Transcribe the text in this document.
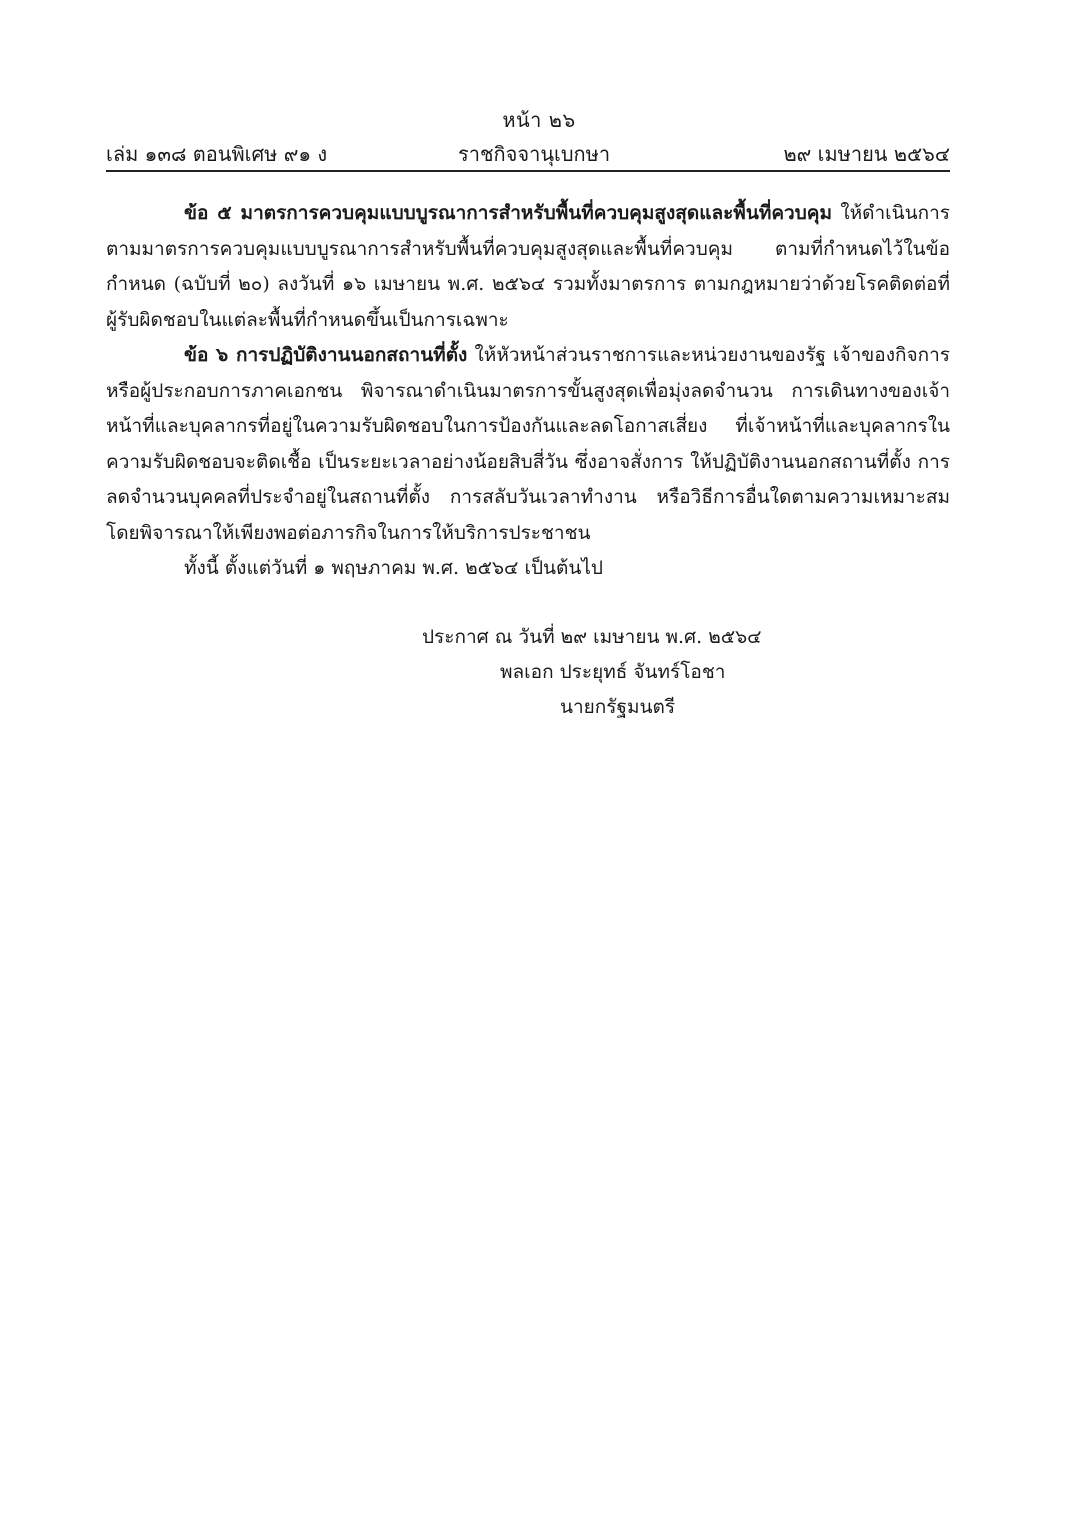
หน้า ๒๖
เล่ม ๑๓๘ ตอนพิเศษ ๙๑ ง	ราชกิจจานุเบกษา	๒๙ เมษายน ๒๕๖๔

ข้อ ๕ มาตรการควบคุมแบบบูรณาการสำหรับพื้นที่ควบคุมสูงสุดและพื้นที่ควบคุม ให้ดำเนินการตามมาตรการควบคุมแบบบูรณาการสำหรับพื้นที่ควบคุมสูงสุดและพื้นที่ควบคุม ตามที่กำหนดไว้ในข้อกำหนด (ฉบับที่ ๒๐) ลงวันที่ ๑๖ เมษายน พ.ศ. ๒๕๖๔ รวมทั้งมาตรการ ตามกฎหมายว่าด้วยโรคติดต่อที่ผู้รับผิดชอบในแต่ละพื้นที่กำหนดขึ้นเป็นการเฉพาะ

ข้อ ๖ การปฏิบัติงานนอกสถานที่ตั้ง ให้หัวหน้าส่วนราชการและหน่วยงานของรัฐ เจ้าของกิจการหรือผู้ประกอบการภาคเอกชน พิจารณาดำเนินมาตรการขั้นสูงสุดเพื่อมุ่งลดจำนวน การเดินทางของเจ้าหน้าที่และบุคลากรที่อยู่ในความรับผิดชอบในการป้องกันและลดโอกาสเสี่ยง ที่เจ้าหน้าที่และบุคลากรในความรับผิดชอบจะติดเชื้อ เป็นระยะเวลาอย่างน้อยสิบสี่วัน ซึ่งอาจสั่งการ ให้ปฏิบัติงานนอกสถานที่ตั้ง การลดจำนวนบุคคลที่ประจำอยู่ในสถานที่ตั้ง การสลับวันเวลาทำงาน หรือวิธีการอื่นใดตามความเหมาะสมโดยพิจารณาให้เพียงพอต่อภารกิจในการให้บริการประชาชน

ทั้งนี้ ตั้งแต่วันที่ ๑ พฤษภาคม พ.ศ. ๒๕๖๔ เป็นต้นไป

ประกาศ ณ วันที่ ๒๙ เมษายน พ.ศ. ๒๕๖๔
พลเอก ประยุทธ์ จันทร์โอชา
นายกรัฐมนตรี
